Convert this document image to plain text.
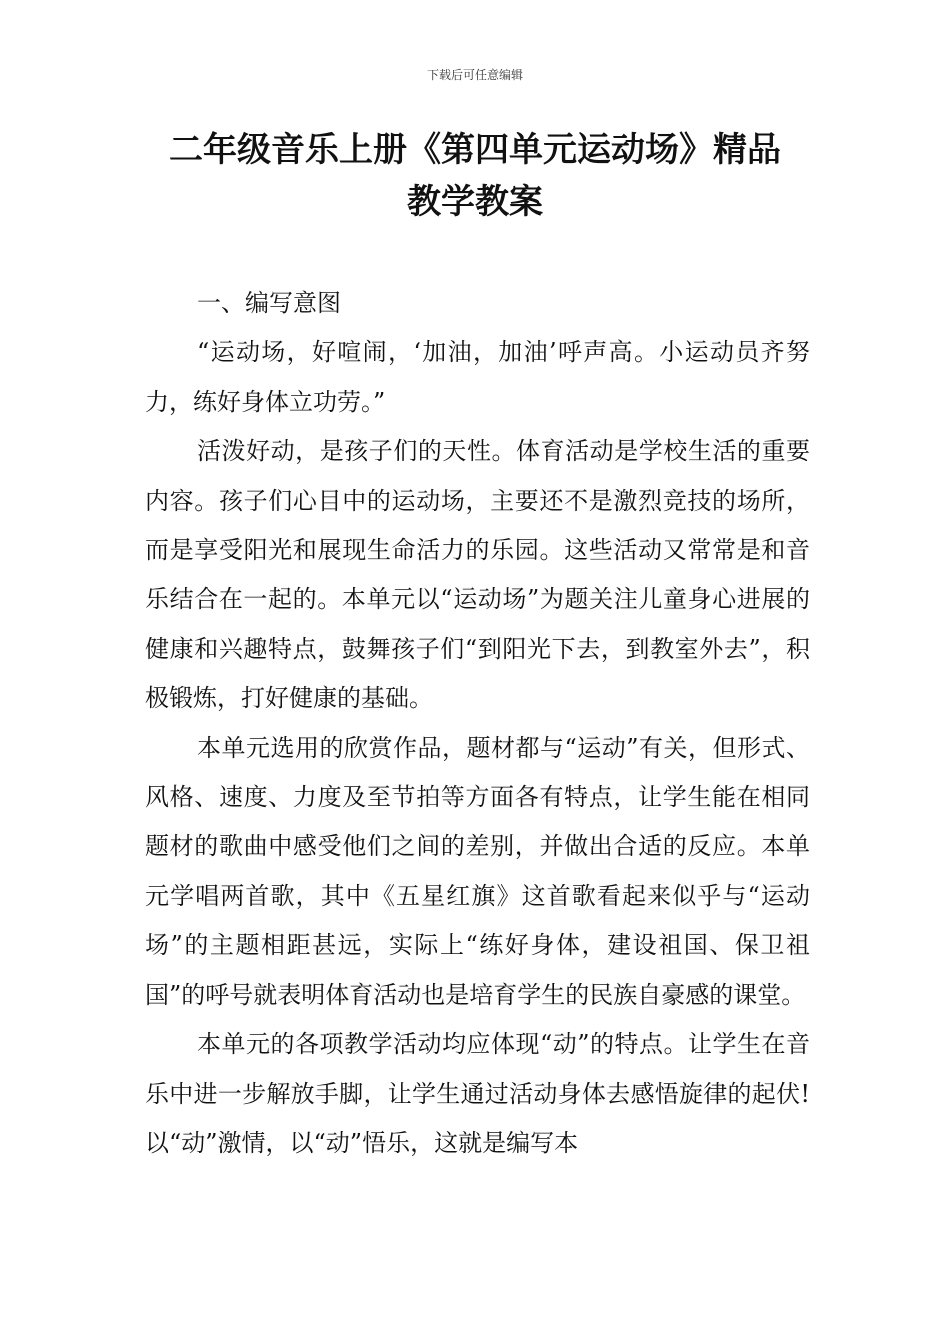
下载后可任意编辑
二年级音乐上册《第四单元运动场》精品
教学教案

一、编写意图

“运动场，好喧闹，‘加油，加油’呼声高。小运动员齐努力，练好身体立功劳。”

活泼好动，是孩子们的天性。体育活动是学校生活的重要内容。孩子们心目中的运动场，主要还不是激烈竞技的场所，而是享受阳光和展现生命活力的乐园。这些活动又常常是和音乐结合在一起的。本单元以“运动场”为题关注儿童身心进展的健康和兴趣特点，鼓舞孩子们“到阳光下去，到教室外去”，积极锻炼，打好健康的基础。

本单元选用的欣赏作品，题材都与“运动”有关，但形式、风格、速度、力度及至节拍等方面各有特点，让学生能在相同题材的歌曲中感受他们之间的差别，并做出合适的反应。本单元学唱两首歌，其中《五星红旗》这首歌看起来似乎与“运动场”的主题相距甚远，实际上“练好身体，建设祖国、保卫祖国”的呼号就表明体育活动也是培育学生的民族自豪感的课堂。

本单元的各项教学活动均应体现“动”的特点。让学生在音乐中进一步解放手脚，让学生通过活动身体去感悟旋律的起伏!以“动”激情，以“动”悟乐，这就是编写本
